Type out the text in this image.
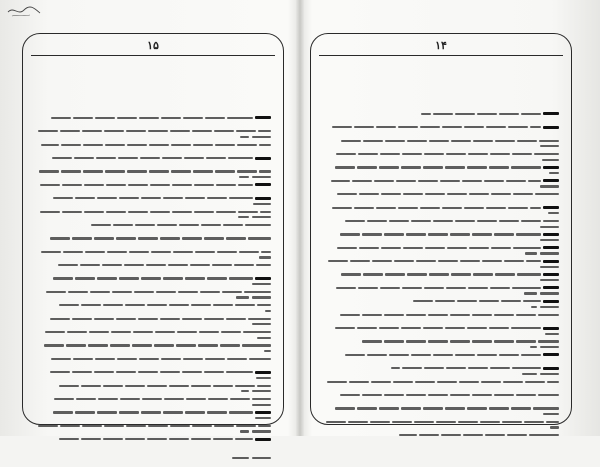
۱۵	۱۴
